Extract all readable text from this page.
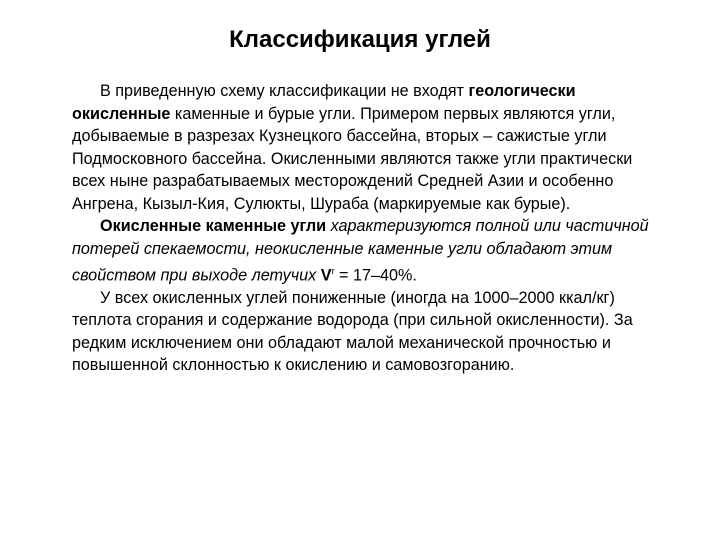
Классификация углей

В приведенную схему классификации не входят геологически окисленные каменные и бурые угли. Примером первых являются угли, добываемые в разрезах Кузнецкого бассейна, вторых – сажистые угли Подмосковного бассейна. Окисленными являются также угли практически всех ныне разрабатываемых месторождений Средней Азии и особенно Ангрена, Кызыл-Кия, Сулюкты, Шураба (маркируемые как бурые).

Окисленные каменные угли характеризуются полной или частичной потерей спекаемости, неокисленные каменные угли обладают этим свойством при выходе летучих $V^r = 17-40\%$.

У всех окисленных углей пониженные (иногда на 1000–2000 ккал/кг) теплота сгорания и содержание водорода (при сильной окисленности). За редким исключением они обладают малой механической прочностью и повышенной склонностью к окислению и самовозгоранию.
